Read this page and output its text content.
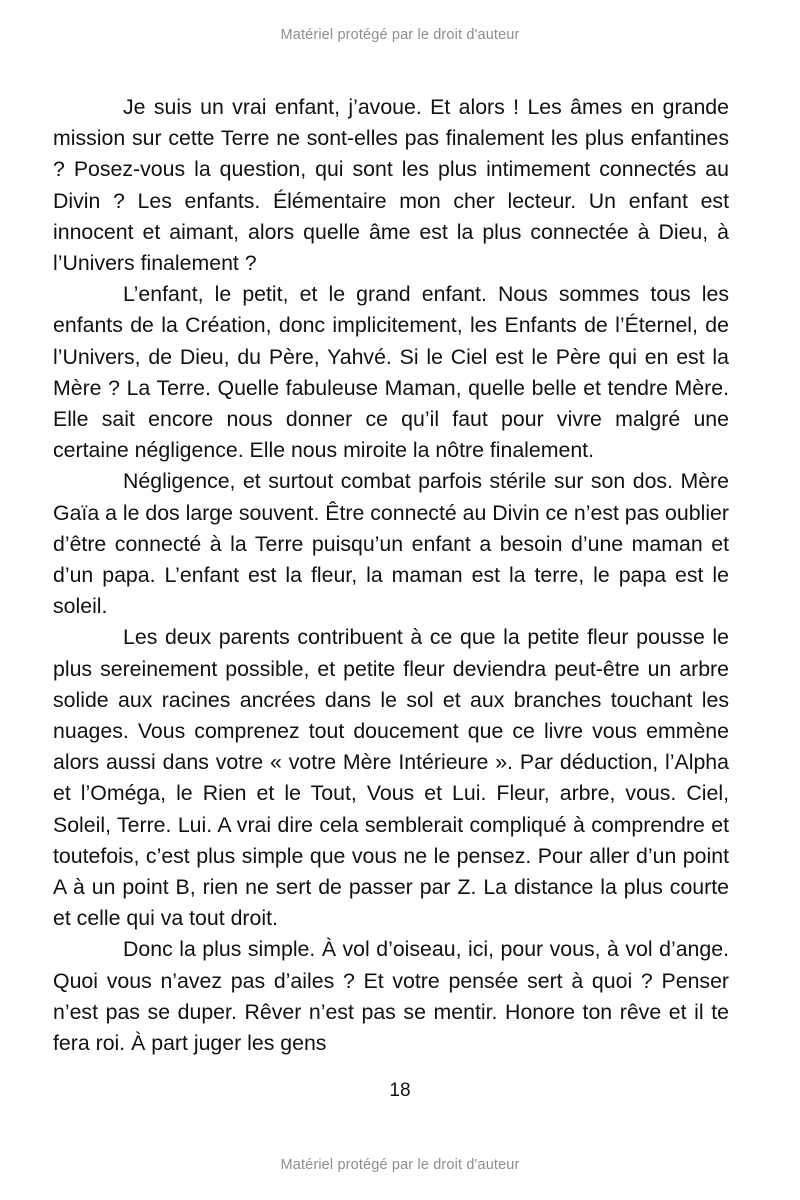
Matériel protégé par le droit d'auteur

Je suis un vrai enfant, j’avoue. Et alors ! Les âmes en grande mission sur cette Terre ne sont-elles pas finalement les plus enfantines ? Posez-vous la question, qui sont les plus intimement connectés au Divin ? Les enfants. Élémentaire mon cher lecteur. Un enfant est innocent et aimant, alors quelle âme est la plus connectée à Dieu, à l’Univers finalement ?

L’enfant, le petit, et le grand enfant. Nous sommes tous les enfants de la Création, donc implicitement, les Enfants de l’Éternel, de l’Univers, de Dieu, du Père, Yahvé. Si le Ciel est le Père qui en est la Mère ? La Terre. Quelle fabuleuse Maman, quelle belle et tendre Mère. Elle sait encore nous donner ce qu’il faut pour vivre malgré une certaine négligence. Elle nous miroite la nôtre finalement.

Négligence, et surtout combat parfois stérile sur son dos. Mère Gaïa a le dos large souvent. Être connecté au Divin ce n’est pas oublier d’être connecté à la Terre puisqu’un enfant a besoin d’une maman et d’un papa. L’enfant est la fleur, la maman est la terre, le papa est le soleil.

Les deux parents contribuent à ce que la petite fleur pousse le plus sereinement possible, et petite fleur deviendra peut-être un arbre solide aux racines ancrées dans le sol et aux branches touchant les nuages. Vous comprenez tout doucement que ce livre vous emmène alors aussi dans votre « votre Mère Intérieure ». Par déduction, l’Alpha et l’Oméga, le Rien et le Tout, Vous et Lui. Fleur, arbre, vous. Ciel, Soleil, Terre. Lui. A vrai dire cela semblerait compliqué à comprendre et toutefois, c’est plus simple que vous ne le pensez. Pour aller d’un point A à un point B, rien ne sert de passer par Z. La distance la plus courte et celle qui va tout droit.

Donc la plus simple. À vol d’oiseau, ici, pour vous, à vol d’ange. Quoi vous n’avez pas d’ailes ? Et votre pensée sert à quoi ? Penser n’est pas se duper. Rêver n’est pas se mentir. Honore ton rêve et il te fera roi. À part juger les gens

18
Matériel protégé par le droit d'auteur
